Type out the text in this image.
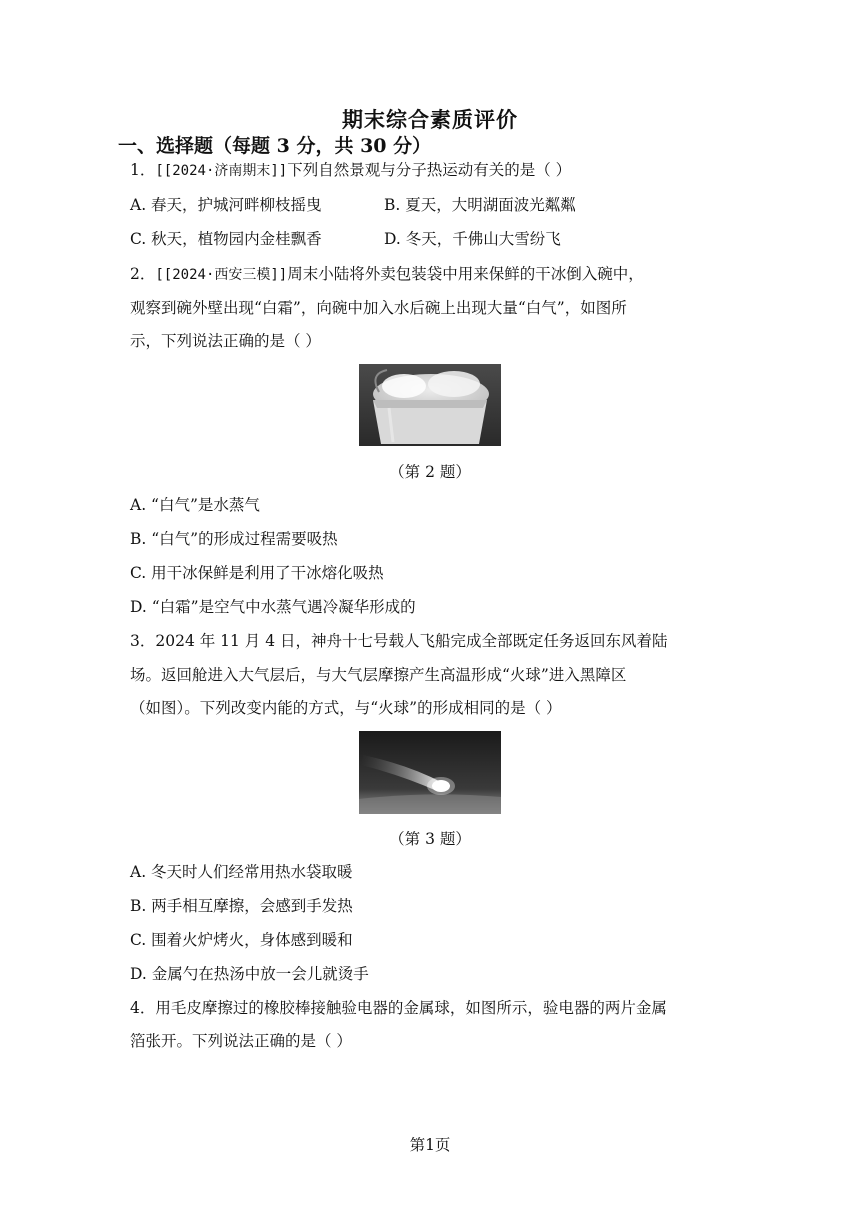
期末综合素质评价
一、选择题（每题 3 分，共 30 分）
1．[[2024·济南期末]]下列自然景观与分子热运动有关的是（ ）
A. 春天，护城河畔柳枝摇曳	B. 夏天，大明湖面波光粼粼
C. 秋天，植物园内金桂飘香	D. 冬天，千佛山大雪纷飞
2．[[2024·西安三模]]周末小陆将外卖包装袋中用来保鲜的干冰倒入碗中，
观察到碗外壁出现“白霜”，向碗中加入水后碗上出现大量“白气”，如图所
示，下列说法正确的是（ ）
（第 2 题）
A. “白气”是水蒸气
B. “白气”的形成过程需要吸热
C. 用干冰保鲜是利用了干冰熔化吸热
D. “白霜”是空气中水蒸气遇冷凝华形成的
3．2024 年 11 月 4 日，神舟十七号载人飞船完成全部既定任务返回东风着陆
场。返回舱进入大气层后，与大气层摩擦产生高温形成“火球”进入黑障区
（如图）。下列改变内能的方式，与“火球”的形成相同的是（ ）
（第 3 题）
A. 冬天时人们经常用热水袋取暖
B. 两手相互摩擦，会感到手发热
C. 围着火炉烤火，身体感到暖和
D. 金属勺在热汤中放一会儿就烫手
4．用毛皮摩擦过的橡胶棒接触验电器的金属球，如图所示，验电器的两片金属
箔张开。下列说法正确的是（ ）
第1页
